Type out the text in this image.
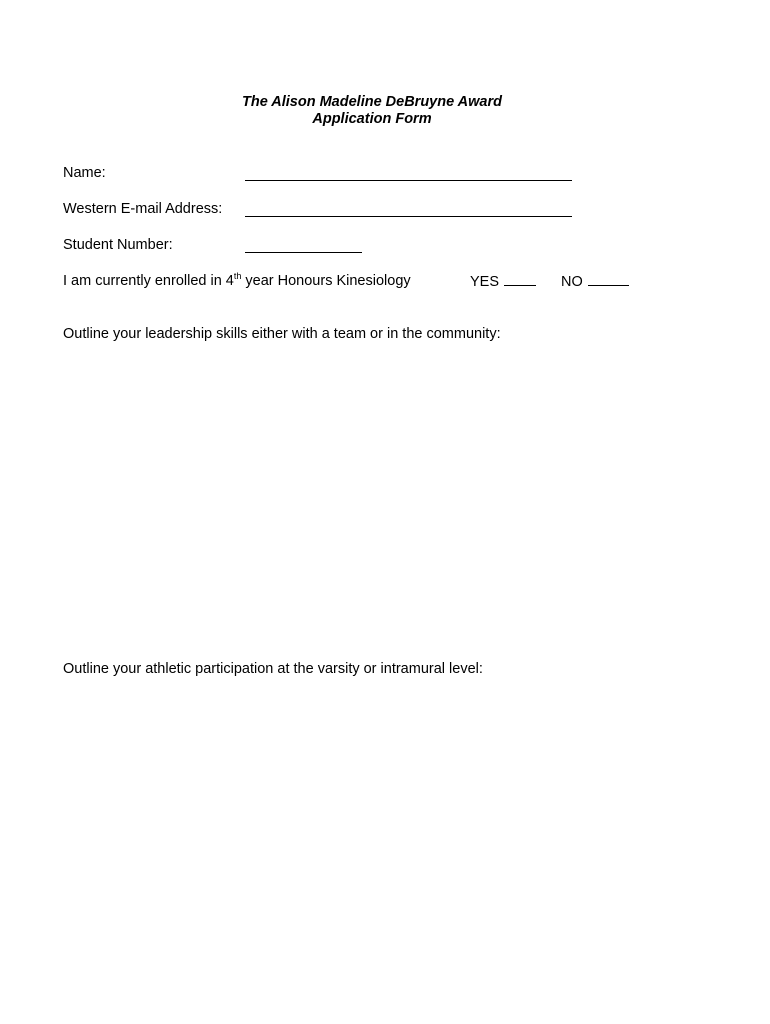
The Alison Madeline DeBruyne Award
Application Form
Name:
Western E-mail Address:
Student Number:
I am currently enrolled in 4th year Honours Kinesiology	YES	NO
Outline your leadership skills either with a team or in the community:
Outline your athletic participation at the varsity or intramural level:
